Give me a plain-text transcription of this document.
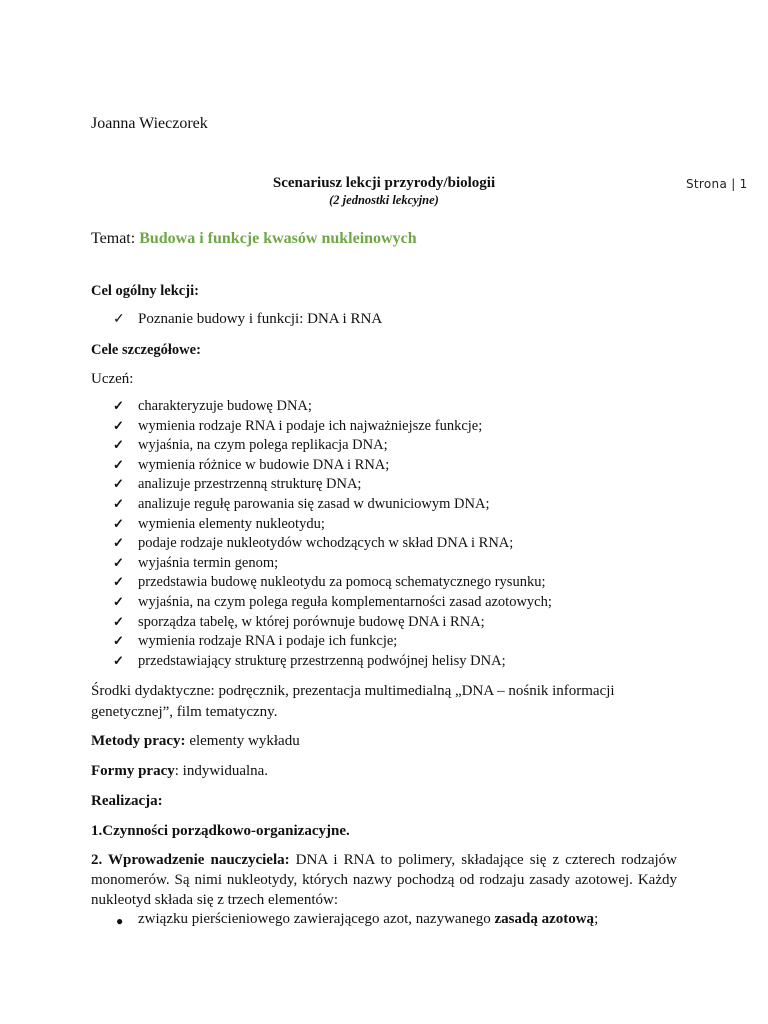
Strona | 1
Joanna Wieczorek
Scenariusz lekcji przyrody/biologii
(2 jednostki lekcyjne)
Temat: Budowa i funkcje kwasów nukleinowych
Cel ogólny lekcji:
✓ Poznanie budowy i funkcji: DNA i RNA
Cele szczegółowe:
Uczeń:
✓ charakteryzuje budowę DNA;
✓ wymienia rodzaje RNA i podaje ich najważniejsze funkcje;
✓ wyjaśnia, na czym polega replikacja DNA;
✓ wymienia różnice w budowie DNA i RNA;
✓ analizuje przestrzenną strukturę DNA;
✓ analizuje regułę parowania się zasad w dwuniciowym DNA;
✓ wymienia elementy nukleotydu;
✓ podaje rodzaje nukleotydów wchodzących w skład DNA i RNA;
✓ wyjaśnia termin genom;
✓ przedstawia budowę nukleotydu za pomocą schematycznego rysunku;
✓ wyjaśnia, na czym polega reguła komplementarności zasad azotowych;
✓ sporządza tabelę, w której porównuje budowę DNA i RNA;
✓ wymienia rodzaje RNA i podaje ich funkcje;
✓ przedstawiający strukturę przestrzenną podwójnej helisy DNA;
Środki dydaktyczne: podręcznik, prezentacja multimedialną „DNA – nośnik informacji
genetycznej”, film tematyczny.
Metody pracy: elementy wykładu
Formy pracy: indywidualna.
Realizacja:
1.Czynności porządkowo-organizacyjne.
2. Wprowadzenie nauczyciela: DNA i RNA to polimery, składające się z czterech rodzajów monomerów. Są nimi nukleotydy, których nazwy pochodzą od rodzaju zasady azotowej. Każdy nukleotyd składa się z trzech elementów:
● związku pierścieniowego zawierającego azot, nazywanego zasadą azotową;
